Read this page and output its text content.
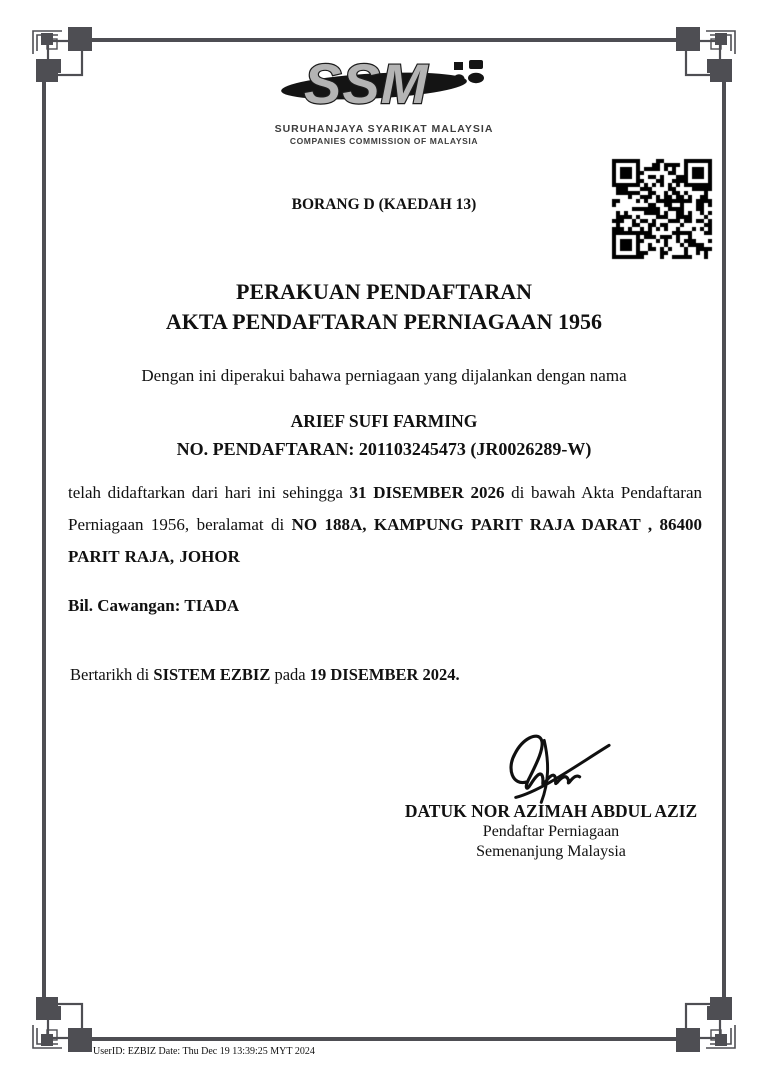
SSM
SURUHANJAYA SYARIKAT MALAYSIA
COMPANIES COMMISSION OF MALAYSIA
BORANG D (KAEDAH 13)
PERAKUAN PENDAFTARAN
AKTA PENDAFTARAN PERNIAGAAN 1956
Dengan ini diperakui bahawa perniagaan yang dijalankan dengan nama
ARIEF SUFI FARMING
NO. PENDAFTARAN: 201103245473 (JR0026289-W)
telah didaftarkan dari hari ini sehingga 31 DISEMBER 2026 di bawah Akta Pendaftaran Perniagaan 1956, beralamat di NO 188A, KAMPUNG PARIT RAJA DARAT , 86400 PARIT RAJA, JOHOR
Bil. Cawangan: TIADA
Bertarikh di SISTEM EZBIZ pada 19 DISEMBER 2024.
DATUK NOR AZIMAH ABDUL AZIZ
Pendaftar Perniagaan
Semenanjung Malaysia
UserID: EZBIZ Date: Thu Dec 19 13:39:25 MYT 2024
